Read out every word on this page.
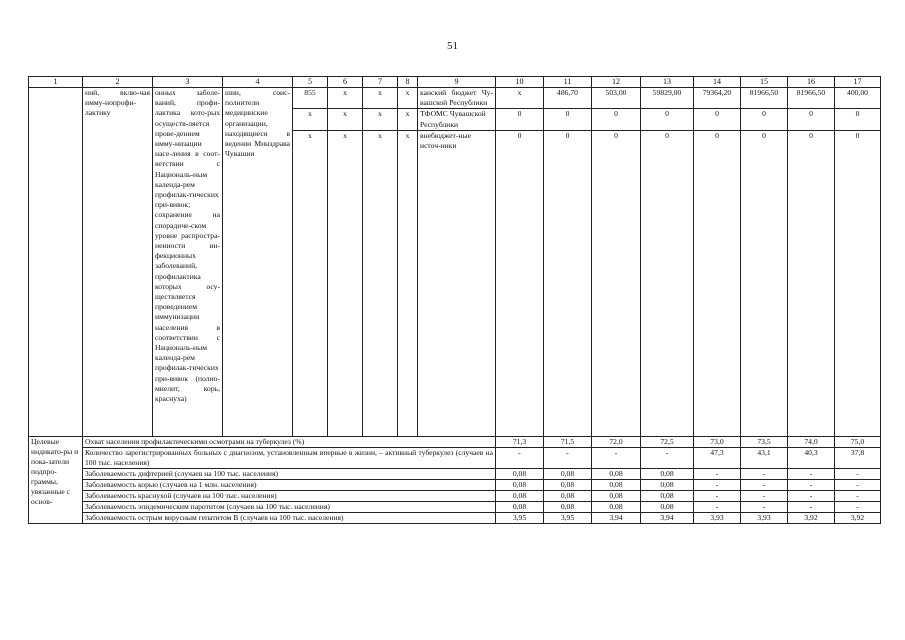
51
1	2	3	4	5	6	7	8	9	10	11	12	13	14	15	16	17
	ний, вклю-чая имму-нопрофи-лактику	онных заболе-ваний, профи-лактика кото-рых осуществ-ляется прове-дением имму-низации насе-ления в соот-ветствии с Националь-ным календа-рем профилак-тических при-вивок; сохранение на спорадиче-ском уровне распростра-ненности ин-фекционных заболеваний, профилактика которых осу-ществляется проведением иммунизации населения в соответствии с Националь-ным календа-рем профилак-тических при-вивок (полио-миелит, корь, краснуха)	шии, соис-полнители медицинские организации, находящиеся в ведении Минздрава Чувашии	855	x	x	x	канский бюджет Чу-вашской Республики	x	486,70	503,00	59829,00	79364,20	81966,50	81966,50	400,00
				x	x	x	x	ТФОМС Чувашской Республики	0	0	0	0	0	0	0	0
				x	x	x	x	внебюджет-ные источ-ники	0	0	0	0	0	0	0	0
Целевые индикато-ры и пока-затели подпро-граммы, увязанные с основ-	Охват населения профилактическими осмотрами на туберкулез (%)								71,3	71,5	72,0	72,5	73,0	73,5	74,0	75,0
	Количество зарегистрированных больных с диагнозом, установленным впервые в жизни, – активный туберкулез (случаев на 100 тыс. населения)								-	-	-	-	47,3	43,1	40,3	37,8
	Заболеваемость дифтерией (случаев на 100 тыс. населения)								0,08	0,08	0,08	0,08	-	-	-	-
	Заболеваемость корью (случаев на 1 млн. населения)								0,08	0,08	0,08	0,08	-	-	-	-
	Заболеваемость краснухой (случаев на 100 тыс. населения)								0,08	0,08	0,08	0,08	-	-	-	-
	Заболеваемость эпидемическим паротитом (случаев на 100 тыс. населения)								0,08	0,08	0,08	0,08	-	-	-	-
	Заболеваемость острым вирусным гепатитом В (случаев на 100 тыс. населения)								3,95	3,95	3,94	3,94	3,93	3,93	3,92	3,92
